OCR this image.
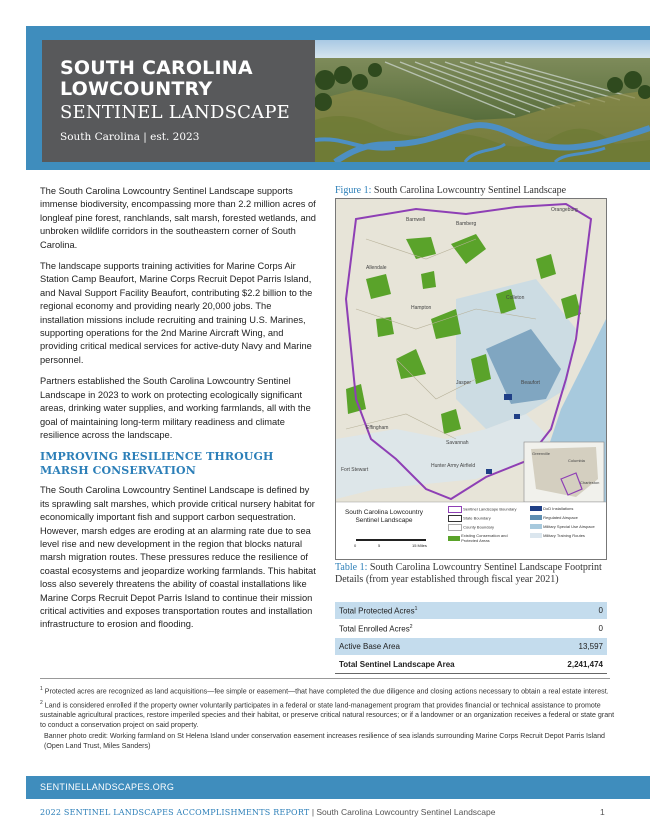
SOUTH CAROLINA
LOWCOUNTRY
SENTINEL LANDSCAPE
South Carolina | est. 2023

The South Carolina Lowcountry Sentinel Landscape supports immense biodiversity, encompassing more than 2.2 million acres of longleaf pine forest, ranchlands, salt marsh, forested wetlands, and unbroken wildlife corridors in the southeastern corner of South Carolina.

The landscape supports training activities for Marine Corps Air Station Camp Beaufort, Marine Corps Recruit Depot Parris Island, and Naval Support Facility Beaufort, contributing $2.2 billion to the regional economy and providing nearly 20,000 jobs. The installation missions include recruiting and training U.S. Marines, supporting operations for the 2nd Marine Aircraft Wing, and providing critical medical services for active-duty Navy and Marine personnel.

Partners established the South Carolina Lowcountry Sentinel Landscape in 2023 to work on protecting ecologically significant areas, drinking water supplies, and working farmlands, all with the goal of maintaining long-term military readiness and climate resilience across the landscape.

IMPROVING RESILIENCE THROUGH MARSH CONSERVATION

The South Carolina Lowcountry Sentinel Landscape is defined by its sprawling salt marshes, which provide critical nursery habitat for economically important fish and support carbon sequestration. However, marsh edges are eroding at an alarming rate due to sea level rise and new development in the region that blocks natural marsh migration routes. These pressures reduce the resilience of coastal ecosystems and jeopardize working farmlands. This habitat loss also severely threatens the ability of coastal installations like Marine Corps Recruit Depot Parris Island to continue their mission critical activities and exposes transportation routes and installation infrastructure to erosion and flooding.

Figure 1: South Carolina Lowcountry Sentinel Landscape
Orangeburg
Barnwell
Bamberg
Allendale
Hampton
Colleton
Jasper	Beaufort
Effingham
Savannah
Hunter Army Airfield
Fort Stewart
Columbia
Greenville
Charleston
South Carolina Lowcountry Sentinel Landscape
0	5	15 Miles
Sentinel Landscape Boundary
State Boundary
County Boundary
Existing Conservation and Protected Areas
DoD Installations
Regulated Airspace
Military Special Use Airspace
Military Training Routes
Table 1: South Carolina Lowcountry Sentinel Landscape Footprint Details (from year established through fiscal year 2021)
Total Protected Acres$^1$	0
Total Enrolled Acres$^2$	0
Active Base Area	13,597
Total Sentinel Landscape Area	2,241,474

$^1$ Protected acres are recognized as land acquisitions—fee simple or easement—that have completed the due diligence and closing actions necessary to obtain a real estate interest.

$^2$ Land is considered enrolled if the property owner voluntarily participates in a federal or state land-management program that provides financial or technical assistance to promote sustainable agricultural practices, restore imperiled species and their habitat, or preserve critical natural resources; or if a landowner or an organization receives a federal or state grant to conduct a conservation project on said property.

Banner photo credit: Working farmland on St Helena Island under conservation easement increases resilience of sea islands surrounding Marine Corps Recruit Depot Parris Island (Open Land Trust, Miles Sanders)

SENTINELLANDSCAPES.ORG
2022 SENTINEL LANDSCAPES ACCOMPLISHMENTS REPORT | South Carolina Lowcountry Sentinel Landscape	1
